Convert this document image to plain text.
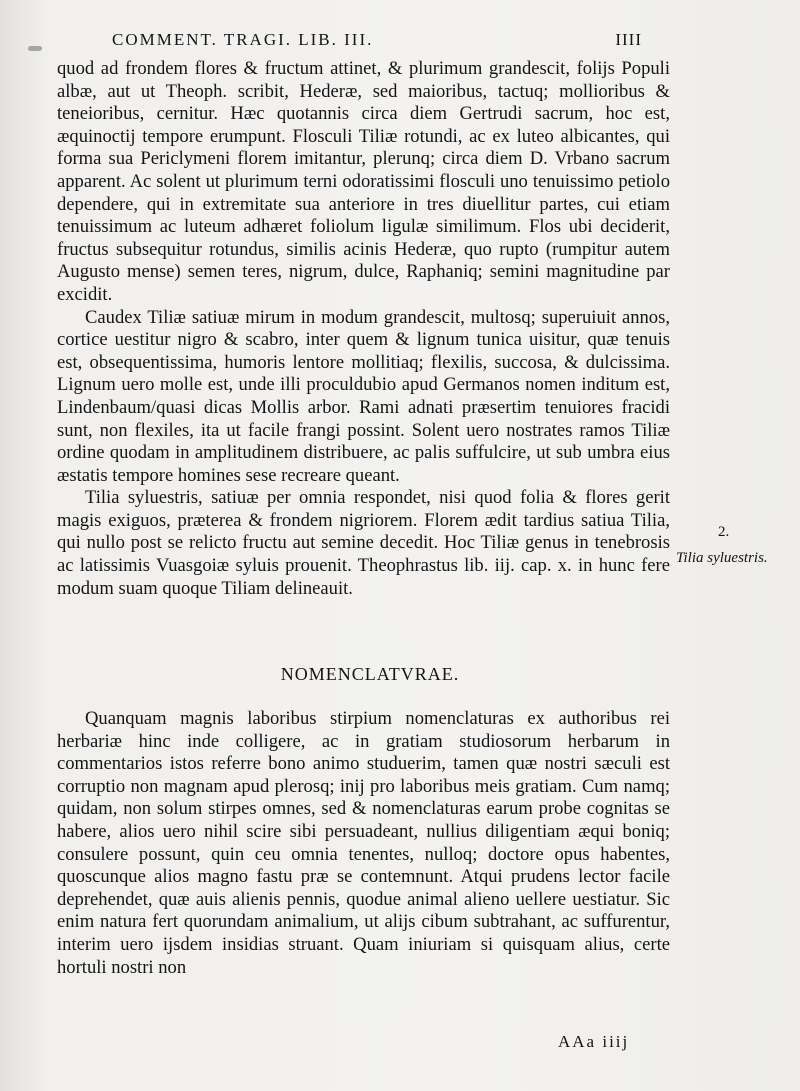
COMMENT. TRAGI. LIB. III.	IIII

quod ad frondem flores & fructum attinet, & plurimum grandescit, folijs Populi albæ, aut ut Theoph. scribit, Hederæ, sed maioribus, tactuq; mollioribus & teneioribus, cernitur. Hæc quotannis circa diem Gertrudi sacrum, hoc est, æquinoctij tempore erumpunt. Flosculi Tiliæ rotundi, ac ex luteo albicantes, qui forma sua Periclymeni florem imitantur, plerunq; circa diem D. Vrbano sacrum apparent. Ac solent ut plurimum terni odoratissimi flosculi uno tenuissimo petiolo dependere, qui in extremitate sua anteriore in tres diuellitur partes, cui etiam tenuissimum ac luteum adhæret foliolum ligulæ similimum. Flos ubi deciderit, fructus subsequitur rotundus, similis acinis Hederæ, quo rupto (rumpitur autem Augusto mense) semen teres, nigrum, dulce, Raphaniq; semini magnitudine par excidit.

Caudex Tiliæ satiuæ mirum in modum grandescit, multosq; superuiuit annos, cortice uestitur nigro & scabro, inter quem & lignum tunica uisitur, quæ tenuis est, obsequentissima, humoris lentore mollitiaq; flexilis, succosa, & dulcissima. Lignum uero molle est, unde illi proculdubio apud Germanos nomen inditum est, Lindenbaum/quasi dicas Mollis arbor. Rami adnati præsertim tenuiores fracidi sunt, non flexiles, ita ut facile frangi possint. Solent uero nostrates ramos Tiliæ ordine quodam in amplitudinem distribuere, ac palis suffulcire, ut sub umbra eius æstatis tempore homines sese recreare queant.

Tilia syluestris, satiuæ per omnia respondet, nisi quod folia & flores gerit magis exiguos, præterea & frondem nigriorem. Florem ædit tardius satiua Tilia, qui nullo post se relicto fructu aut semine decedit. Hoc Tiliæ genus in tenebrosis ac latissimis Vuasgoiæ syluis prouenit. Theophrastus lib. iij. cap. x. in hunc fere modum suam quoque Tiliam delineauit.

2.
Tilia syluestris.
NOMENCLATVRAE.

Quanquam magnis laboribus stirpium nomenclaturas ex authoribus rei herbariæ hinc inde colligere, ac in gratiam studiosorum herbarum in commentarios istos referre bono animo studuerim, tamen quæ nostri sæculi est corruptio non magnam apud plerosq; inij pro laboribus meis gratiam. Cum namq; quidam, non solum stirpes omnes, sed & nomenclaturas earum probe cognitas se habere, alios uero nihil scire sibi persuadeant, nullius diligentiam æqui boniq; consulere possunt, quin ceu omnia tenentes, nulloq; doctore opus habentes, quoscunque alios magno fastu præ se contemnunt. Atqui prudens lector facile deprehendet, quæ auis alienis pennis, quodue animal alieno uellere uestiatur. Sic enim natura fert quorundam animalium, ut alijs cibum subtrahant, ac suffurentur, interim uero ijsdem insidias struant. Quam iniuriam si quisquam alius, certe hortuli nostri non

AAa iiij
